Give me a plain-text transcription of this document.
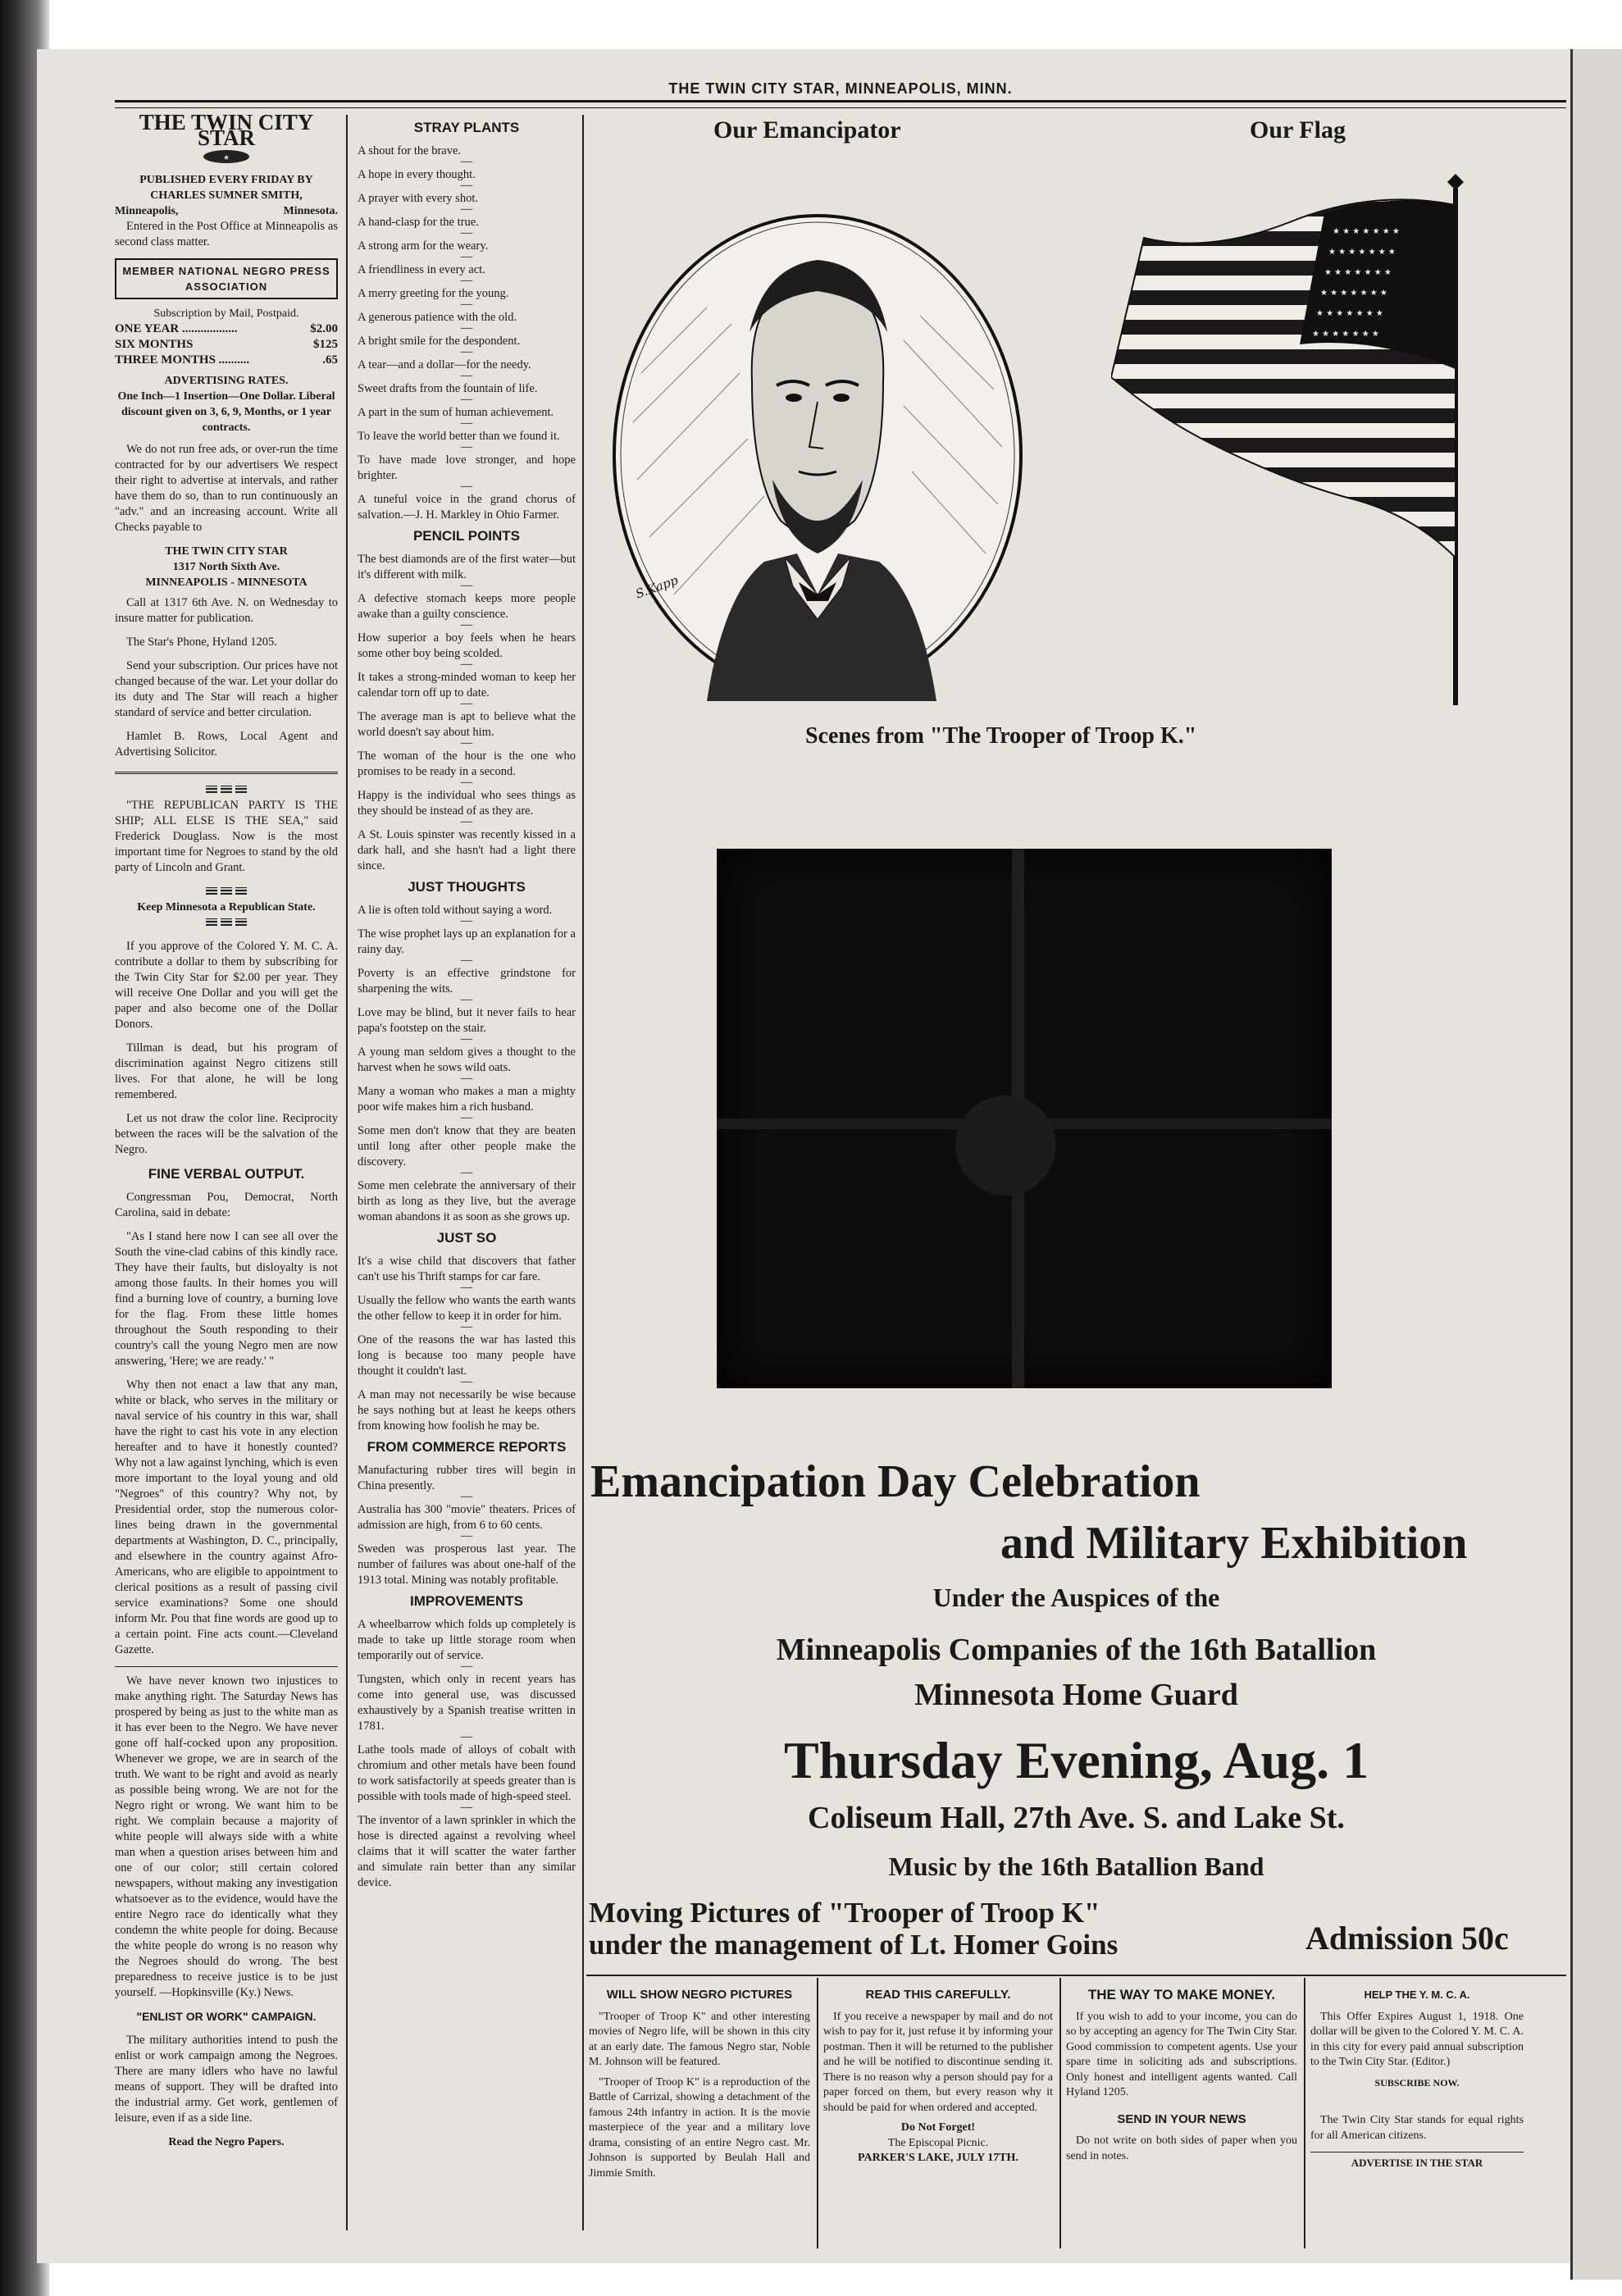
THE TWIN CITY STAR, MINNEAPOLIS, MINN.
THE TWIN CITY STAR
★
PUBLISHED EVERY FRIDAY BY
CHARLES SUMNER SMITH,
Minneapolis,	Minnesota.

Entered in the Post Office at Minneapolis as second class matter.

MEMBER NATIONAL NEGRO PRESS ASSOCIATION
Subscription by Mail, Postpaid.
ONE YEAR ..................	$2.00
SIX MONTHS	$125
THREE MONTHS ..........	.65
ADVERTISING RATES.
One Inch—1 Insertion—One Dollar. Liberal discount given on 3, 6, 9, Months, or 1 year contracts.

We do not run free ads, or over-run the time contracted for by our advertisers We respect their right to advertise at intervals, and rather have them do so, than to run continuously an "adv." and an increasing account. Write all Checks payable to

THE TWIN CITY STAR
1317 North Sixth Ave.
MINNEAPOLIS - MINNESOTA

Call at 1317 6th Ave. N. on Wednesday to insure matter for publication.

The Star's Phone, Hyland 1205.

Send your subscription. Our prices have not changed because of the war. Let your dollar do its duty and The Star will reach a higher standard of service and better circulation.

Hamlet B. Rows, Local Agent and Advertising Solicitor.

"THE REPUBLICAN PARTY IS THE SHIP; ALL ELSE IS THE SEA," said Frederick Douglass. Now is the most important time for Negroes to stand by the old party of Lincoln and Grant.

Keep Minnesota a Republican State.

If you approve of the Colored Y. M. C. A. contribute a dollar to them by subscribing for the Twin City Star for $2.00 per year. They will receive One Dollar and you will get the paper and also become one of the Dollar Donors.

Tillman is dead, but his program of discrimination against Negro citizens still lives. For that alone, he will be long remembered.

Let us not draw the color line. Reciprocity between the races will be the salvation of the Negro.

FINE VERBAL OUTPUT.

Congressman Pou, Democrat, North Carolina, said in debate:

"As I stand here now I can see all over the South the vine-clad cabins of this kindly race. They have their faults, but disloyalty is not among those faults. In their homes you will find a burning love of country, a burning love for the flag. From these little homes throughout the South responding to their country's call the young Negro men are now answering, 'Here; we are ready.' "

Why then not enact a law that any man, white or black, who serves in the military or naval service of his country in this war, shall have the right to cast his vote in any election hereafter and to have it honestly counted? Why not a law against lynching, which is even more important to the loyal young and old "Negroes" of this country? Why not, by Presidential order, stop the numerous color-lines being drawn in the governmental departments at Washington, D. C., principally, and elsewhere in the country against Afro-Americans, who are eligible to appointment to clerical positions as a result of passing civil service examinations? Some one should inform Mr. Pou that fine words are good up to a certain point. Fine acts count.—Cleveland Gazette.

We have never known two injustices to make anything right. The Saturday News has prospered by being as just to the white man as it has ever been to the Negro. We have never gone off half-cocked upon any proposition. Whenever we grope, we are in search of the truth. We want to be right and avoid as nearly as possible being wrong. We are not for the Negro right or wrong. We want him to be right. We complain because a majority of white people will always side with a white man when a question arises between him and one of our color; still certain colored newspapers, without making any investigation whatsoever as to the evidence, would have the entire Negro race do identically what they condemn the white people for doing. Because the white people do wrong is no reason why the Negroes should do wrong. The best preparedness to receive justice is to be just yourself. —Hopkinsville (Ky.) News.

"ENLIST OR WORK" CAMPAIGN.

The military authorities intend to push the enlist or work campaign among the Negroes. There are many idlers who have no lawful means of support. They will be drafted into the industrial army. Get work, gentlemen of leisure, even if as a side line.

Read the Negro Papers.
STRAY PLANTS

A shout for the brave.

—

A hope in every thought.

—

A prayer with every shot.

—

A hand-clasp for the true.

—

A strong arm for the weary.

—

A friendliness in every act.

—

A merry greeting for the young.

—

A generous patience with the old.

—

A bright smile for the despondent.

—

A tear—and a dollar—for the needy.

—

Sweet drafts from the fountain of life.

—

A part in the sum of human achievement.

—

To leave the world better than we found it.

—

To have made love stronger, and hope brighter.

—

A tuneful voice in the grand chorus of salvation.—J. H. Markley in Ohio Farmer.

PENCIL POINTS

The best diamonds are of the first water—but it's different with milk.

—

A defective stomach keeps more people awake than a guilty conscience.

—

How superior a boy feels when he hears some other boy being scolded.

—

It takes a strong-minded woman to keep her calendar torn off up to date.

—

The average man is apt to believe what the world doesn't say about him.

—

The woman of the hour is the one who promises to be ready in a second.

—

Happy is the individual who sees things as they should be instead of as they are.

—

A St. Louis spinster was recently kissed in a dark hall, and she hasn't had a light there since.

JUST THOUGHTS

A lie is often told without saying a word.

—

The wise prophet lays up an explanation for a rainy day.

—

Poverty is an effective grindstone for sharpening the wits.

—

Love may be blind, but it never fails to hear papa's footstep on the stair.

—

A young man seldom gives a thought to the harvest when he sows wild oats.

—

Many a woman who makes a man a mighty poor wife makes him a rich husband.

—

Some men don't know that they are beaten until long after other people make the discovery.

—

Some men celebrate the anniversary of their birth as long as they live, but the average woman abandons it as soon as she grows up.

JUST SO

It's a wise child that discovers that father can't use his Thrift stamps for car fare.

—

Usually the fellow who wants the earth wants the other fellow to keep it in order for him.

—

One of the reasons the war has lasted this long is because too many people have thought it couldn't last.

—

A man may not necessarily be wise because he says nothing but at least he keeps others from knowing how foolish he may be.

FROM COMMERCE REPORTS

Manufacturing rubber tires will begin in China presently.

—

Australia has 300 "movie" theaters. Prices of admission are high, from 6 to 60 cents.

—

Sweden was prosperous last year. The number of failures was about one-half of the 1913 total. Mining was notably profitable.

IMPROVEMENTS

A wheelbarrow which folds up completely is made to take up little storage room when temporarily out of service.

—

Tungsten, which only in recent years has come into general use, was discussed exhaustively by a Spanish treatise written in 1781.

—

Lathe tools made of alloys of cobalt with chromium and other metals have been found to work satisfactorily at speeds greater than is possible with tools made of high-speed steel.

—

The inventor of a lawn sprinkler in which the hose is directed against a revolving wheel claims that it will scatter the water farther and simulate rain better than any similar device.

Our Emancipator	Our Flag
S.Kapp
★ ★ ★ ★ ★ ★ ★
★ ★ ★ ★ ★ ★ ★
★ ★ ★ ★ ★ ★ ★
★ ★ ★ ★ ★ ★ ★
★ ★ ★ ★ ★ ★ ★
★ ★ ★ ★ ★ ★ ★
Scenes from "The Trooper of Troop K."
Emancipation Day Celebration
and Military Exhibition
Under the Auspices of the
Minneapolis Companies of the 16th Batallion
Minnesota Home Guard
Thursday Evening, Aug. 1
Coliseum Hall, 27th Ave. S. and Lake St.
Music by the 16th Batallion Band
Moving Pictures of "Trooper of Troop K"
under the management of Lt. Homer Goins	Admission 50c
WILL SHOW NEGRO PICTURES

"Trooper of Troop K" and other interesting movies of Negro life, will be shown in this city at an early date. The famous Negro star, Noble M. Johnson will be featured.

"Trooper of Troop K" is a reproduction of the Battle of Carrizal, showing a detachment of the famous 24th infantry in action. It is the movie masterpiece of the year and a military love drama, consisting of an entire Negro cast. Mr. Johnson is supported by Beulah Hall and Jimmie Smith.

READ THIS CAREFULLY.

If you receive a newspaper by mail and do not wish to pay for it, just refuse it by informing your postman. Then it will be returned to the publisher and he will be notified to discontinue sending it. There is no reason why a person should pay for a paper forced on them, but every reason why it should be paid for when ordered and accepted.

Do Not Forget!
The Episcopal Picnic.
PARKER'S LAKE, JULY 17TH.
THE WAY TO MAKE MONEY.

If you wish to add to your income, you can do so by accepting an agency for The Twin City Star. Good commission to competent agents. Use your spare time in soliciting ads and subscriptions. Only honest and intelligent agents wanted. Call Hyland 1205.

SEND IN YOUR NEWS

Do not write on both sides of paper when you send in notes.

HELP THE Y. M. C. A.

This Offer Expires August 1, 1918. One dollar will be given to the Colored Y. M. C. A. in this city for every paid annual subscription to the Twin City Star. (Editor.)

SUBSCRIBE NOW.

The Twin City Star stands for equal rights for all American citizens.

ADVERTISE IN THE STAR
